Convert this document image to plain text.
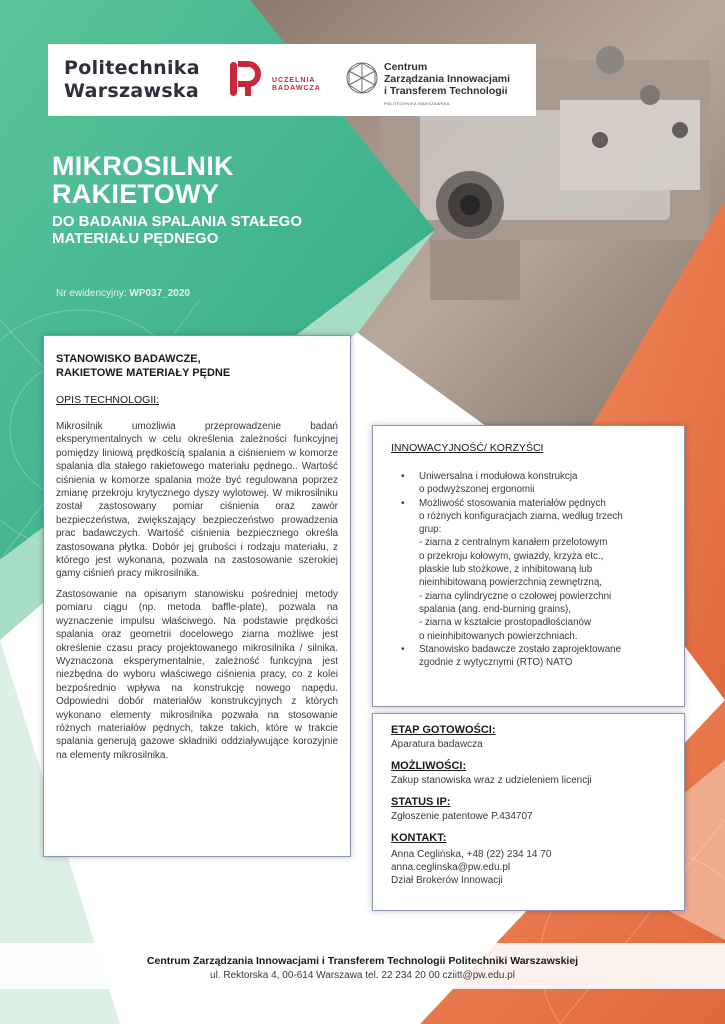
Politechnika
Warszawska	UCZELNIA
BADAWCZA
Centrum
Zarządzania Innowacjami
i Transferem Technologii
POLITECHNIKA WARSZAWSKA
MIKROSILNIK
RAKIETOWY
DO BADANIA SPALANIA STAŁEGO
MATERIAŁU PĘDNEGO
Nr ewidencyjny: WP037_2020
STANOWISKO BADAWCZE,
RAKIETOWE MATERIAŁY PĘDNE
OPIS TECHNOLOGII:
Mikrosilnik umożliwia przeprowadzenie badań eksperymentalnych w celu określenia zależności funkcyjnej pomiędzy liniową prędkością spalania a ciśnieniem w komorze spalania dla stałego rakietowego materiału pędnego.. Wartość ciśnienia w komorze spalania może być regulowana poprzez zmianę przekroju krytycznego dyszy wylotowej. W mikrosilniku został zastosowany pomiar ciśnienia oraz zawór bezpieczeństwa, zwiększający bezpieczeństwo prowadzenia prac badawczych. Wartość ciśnienia bezpiecznego określa zastosowana płytka. Dobór jej grubości i rodzaju materiału, z którego jest wykonana, pozwala na zastosowanie szerokiej gamy ciśnień pracy mikrosilnika.
Zastosowanie na opisanym stanowisku pośredniej metody pomiaru ciągu (np. metoda baffle-plate), pozwala na wyznaczenie impulsu właściwego. Na podstawie prędkości spalania oraz geometrii docelowego ziarna możliwe jest określenie czasu pracy projektowanego mikrosilnika / silnika. Wyznaczona eksperymentalnie, zależność funkcyjna jest niezbędna do wyboru właściwego ciśnienia pracy, co z kolei bezpośrednio wpływa na konstrukcję nowego napędu. Odpowiedni dobór materiałów konstrukcyjnych z których wykonano elementy mikrosilnika pozwala na stosowanie różnych materiałów pędnych, takze takich, które w trakcie spalania generują gazowe składniki oddziaływujące korozyjnie na elementy mikrosilnika.
INNOWACYJNOŚĆ/ KORZYŚCI
• Uniwersalna i modułowa konstrukcja
o podwyższonej ergonomii
• Możliwość stosowania materiałów pędnych
o różnych konfiguracjach ziarna, według trzech
grup:
- ziarna z centralnym kanałem przelotowym
o przekroju kołowym, gwiazdy, krzyża etc.,
płaskie lub stożkowe, z inhibitowaną lub
nieinhibitowaną powierzchnią zewnętrzną,
- ziarna cylindryczne o czołowej powierzchni
spalania (ang. end-burning grains),
- ziarna w kształcie prostopadłościanów
o nieinhibitowanych powierzchniach.
• Stanowisko badawcze zostało zaprojektowane
zgodnie z wytycznymi (RTO) NATO
ETAP GOTOWOŚCI:
Aparatura badawcza
MOŻLIWOŚCI:
Zakup stanowiska wraz z udzieleniem licencji
STATUS IP:
Zgłoszenie patentowe P.434707
KONTAKT:
Anna Ceglińska, +48 (22) 234 14 70
anna.ceglinska@pw.edu.pl
Dział Brokerów Innowacji
Centrum Zarządzania Innowacjami i Transferem Technologii Politechniki Warszawskiej
ul. Rektorska 4, 00-614 Warszawa tel. 22 234 20 00 cziitt@pw.edu.pl
